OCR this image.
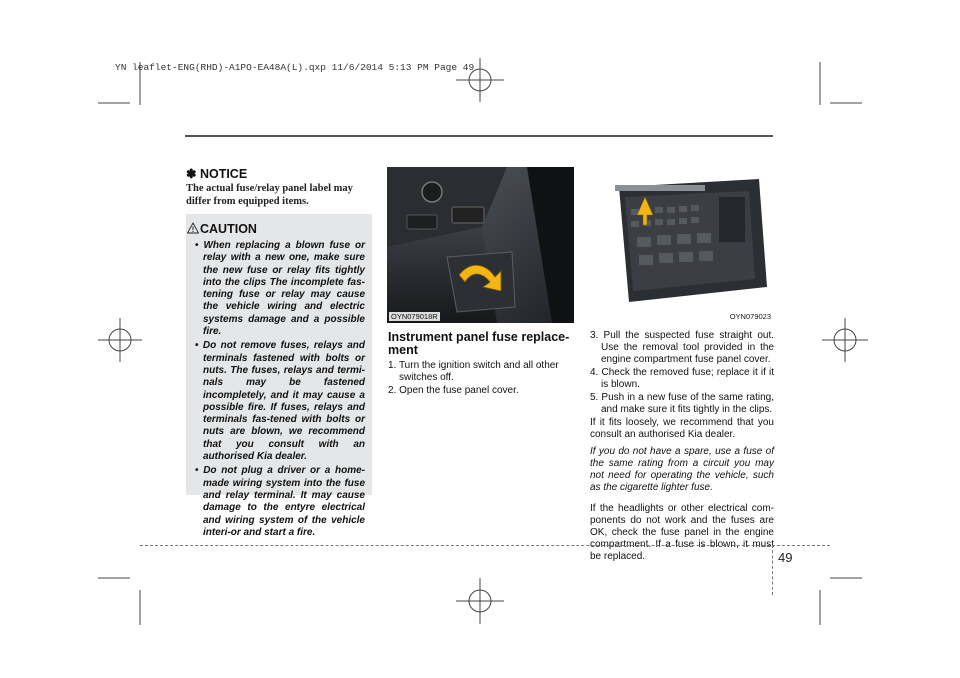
YN leaflet-ENG(RHD)-A1PO-EA48A(L).qxp 11/6/2014 5:13 PM Page 49
✽ NOTICE
The actual fuse/relay panel label may differ from equipped items.
CAUTION
• When replacing a blown fuse or relay with a new one, make sure the new fuse or relay fits tightly into the clips The incomplete fas-tening fuse or relay may cause the vehicle wiring and electric systems damage and a possible fire.
• Do not remove fuses, relays and terminals fastened with bolts or nuts. The fuses, relays and termi-nals may be fastened incompletely, and it may cause a possible fire. If fuses, relays and terminals fas-tened with bolts or nuts are blown, we recommend that you consult with an authorised Kia dealer.
• Do not plug a driver or a home-made wiring system into the fuse and relay terminal. It may cause damage to the entyre electrical and wiring system of the vehicle interi-or and start a fire.
OYN079018R	OYN079023
Instrument panel fuse replace-ment
1. Turn the ignition switch and all other switches off.
2. Open the fuse panel cover.
3. Pull the suspected fuse straight out. Use the removal tool provided in the engine compartment fuse panel cover.
4. Check the removed fuse; replace it if it is blown.
5. Push in a new fuse of the same rating, and make sure it fits tightly in the clips.

If it fits loosely, we recommend that you consult an authorised Kia dealer.

If you do not have a spare, use a fuse of the same rating from a circuit you may not need for operating the vehicle, such as the cigarette lighter fuse.

If the headlights or other electrical com-ponents do not work and the fuses are OK, check the fuse panel in the engine compartment. If a fuse is blown, it must be replaced.	49
